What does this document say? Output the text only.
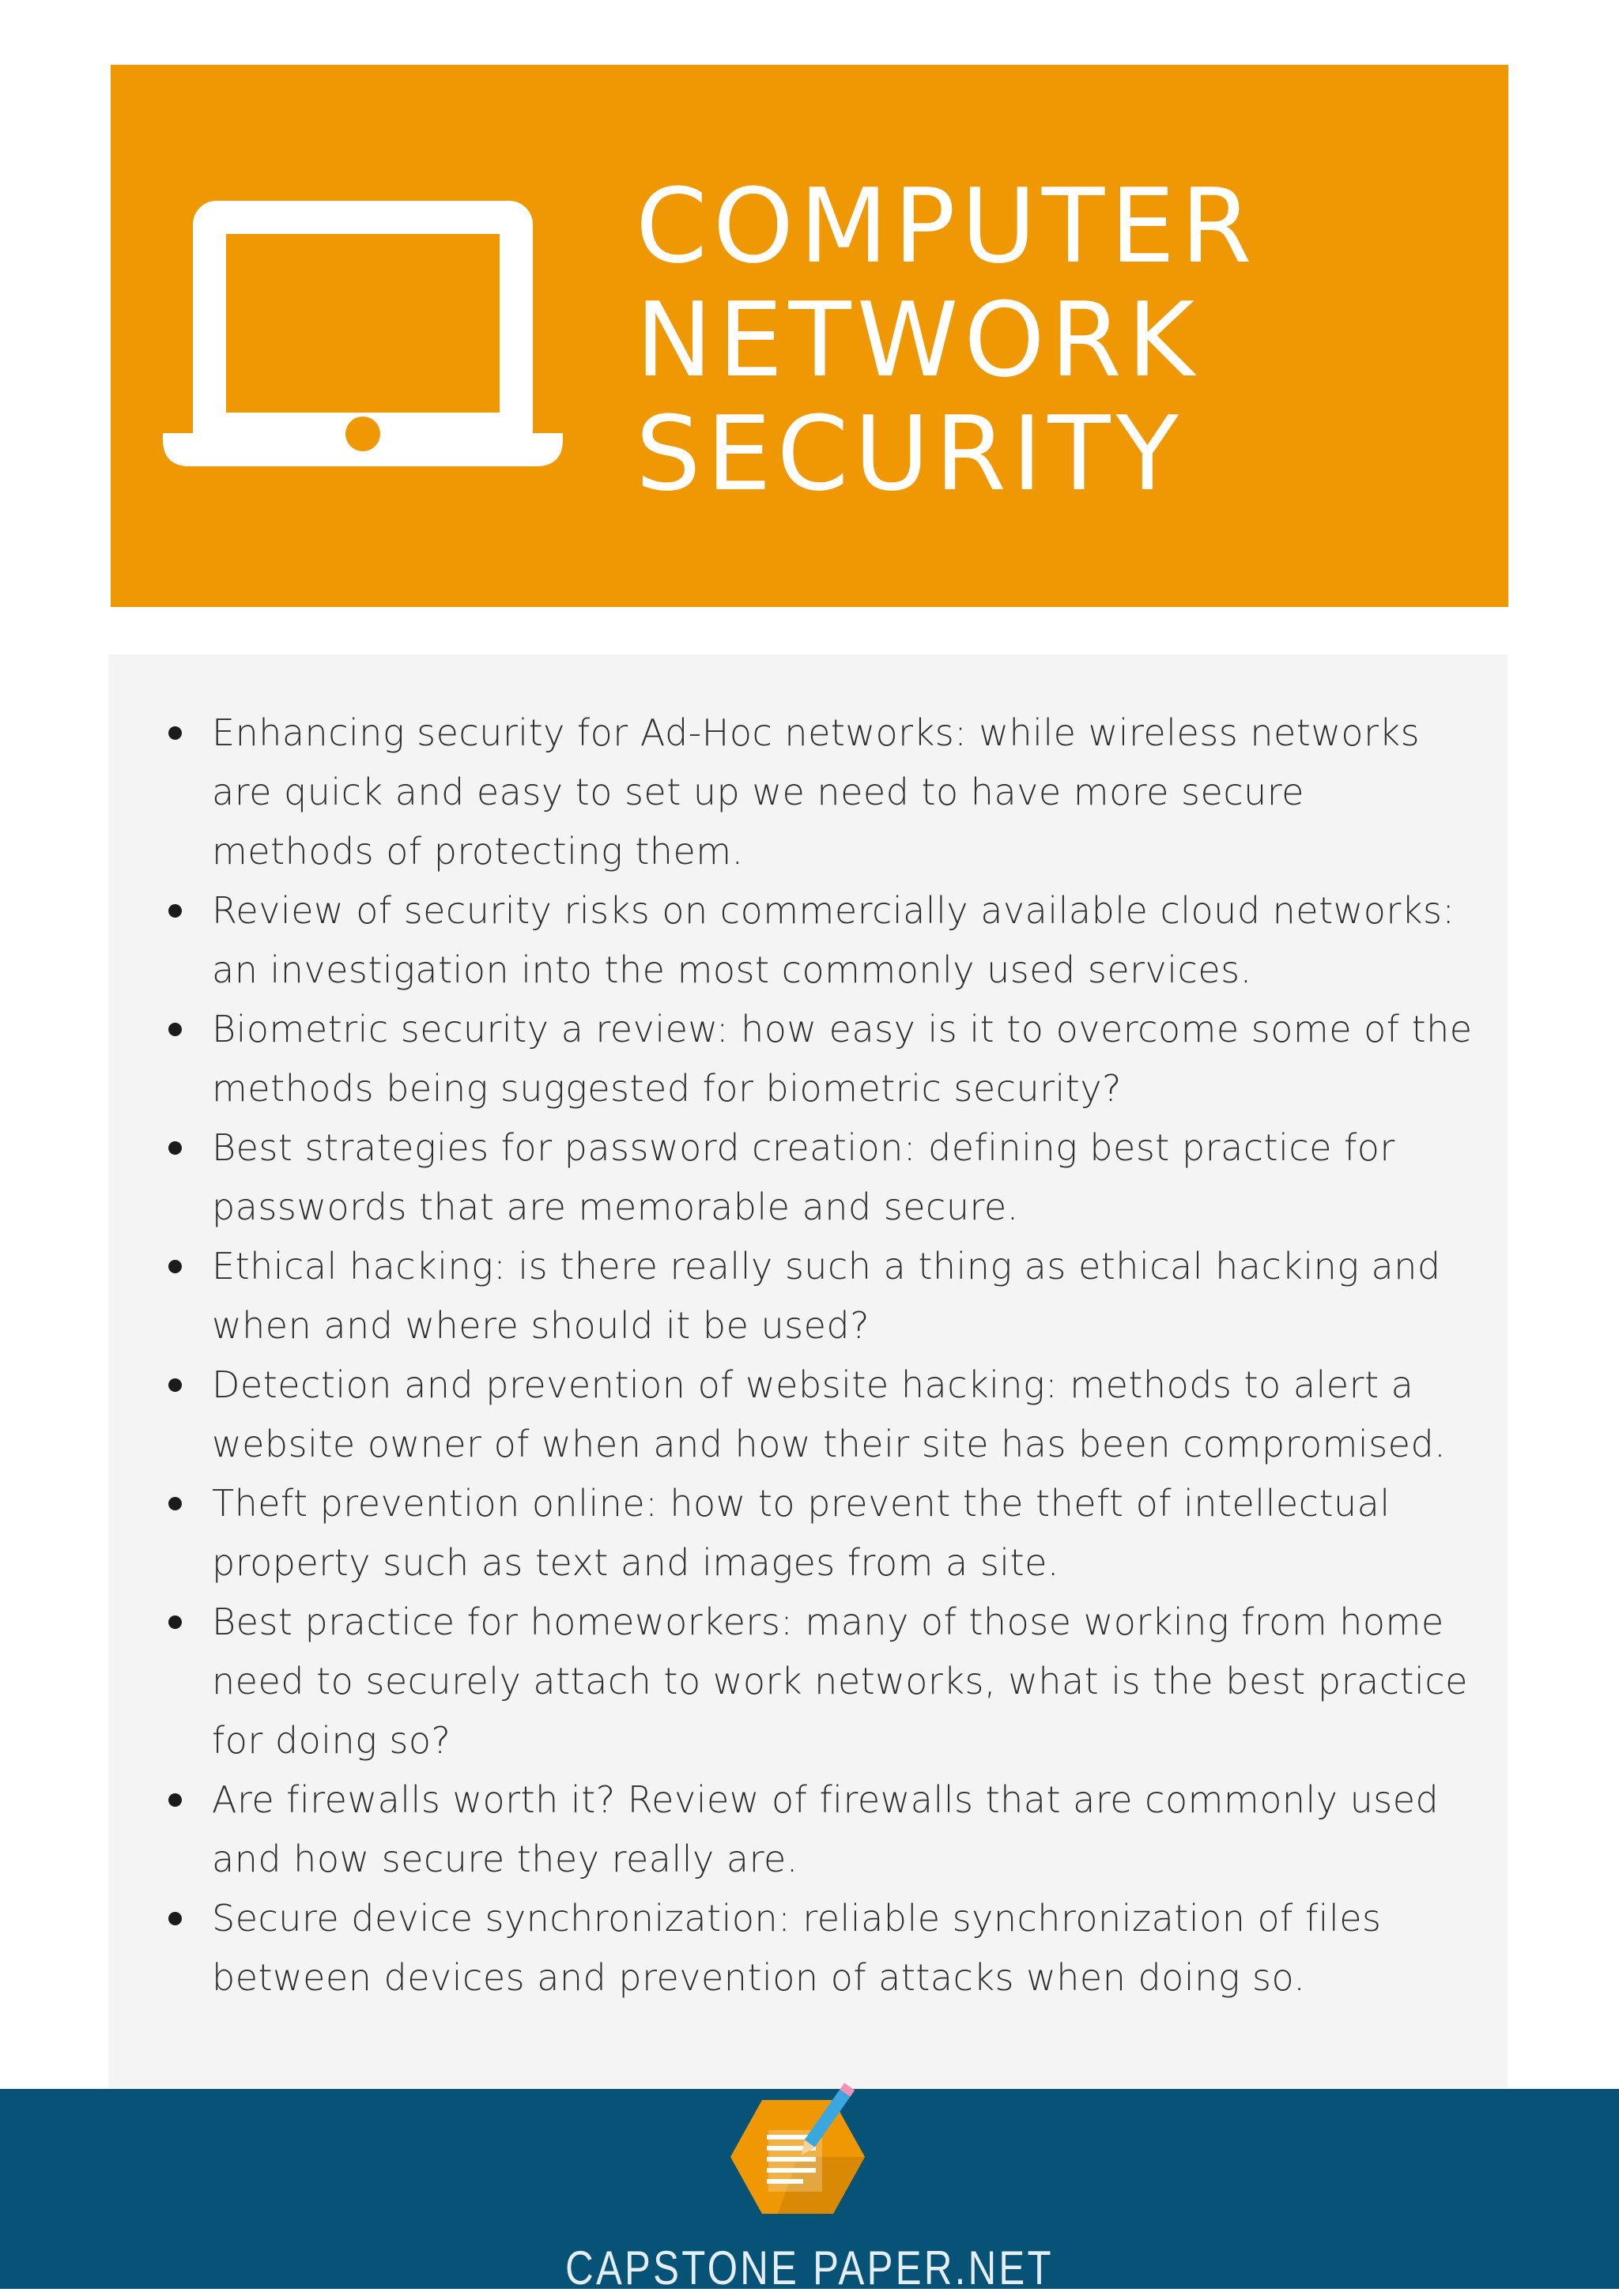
COMPUTER
NETWORK
SECURITY
Enhancing security for Ad-Hoc networks: while wireless networks are quick and easy to set up we need to have more secure methods of protecting them.
Review of security risks on commercially available cloud networks: an investigation into the most commonly used services.
Biometric security a review: how easy is it to overcome some of the methods being suggested for biometric security?
Best strategies for password creation: defining best practice for passwords that are memorable and secure.
Ethical hacking: is there really such a thing as ethical hacking and when and where should it be used?
Detection and prevention of website hacking: methods to alert a website owner of when and how their site has been compromised.
Theft prevention online: how to prevent the theft of intellectual property such as text and images from a site.
Best practice for homeworkers: many of those working from home need to securely attach to work networks, what is the best practice for doing so?
Are firewalls worth it? Review of firewalls that are commonly used and how secure they really are.
Secure device synchronization: reliable synchronization of files between devices and prevention of attacks when doing so.
CAPSTONE PAPER.NET
